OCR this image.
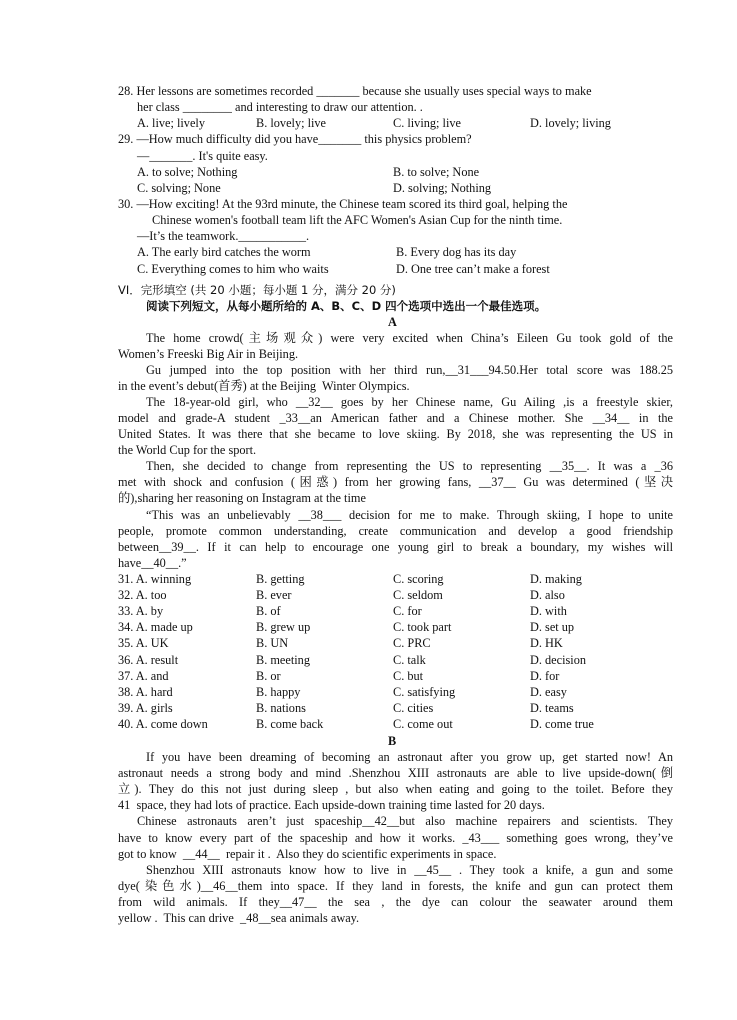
28. Her lessons are sometimes recorded _______ because she usually uses special ways to make
her class ________ and interesting to draw our attention. .
A. live; lively	B. lovely; live	C. living; live	D. lovely; living
29. —How much difficulty did you have_______ this physics problem?
—_______. It's quite easy.
A. to solve; Nothing	B. to solve; None
C. solving; None	D. solving; Nothing
30. —How exciting! At the 93rd minute, the Chinese team scored its third goal, helping the
Chinese women's football team lift the AFC Women's Asian Cup for the ninth time.
—It’s the teamwork.___________.
A. The early bird catches the worm	B. Every dog has its day
C. Everything comes to him who waits	D. One tree can’t make a forest
VI．完形填空 (共 20 小题；每小题 1 分，满分 20 分)
阅读下列短文，从每小题所给的 A、B、C、D 四个选项中选出一个最佳选项。
A
The home crowd(主场观众) were very excited when China’s Eileen Gu took gold of the
Women’s Freeski Big Air in Beijing.
Gu jumped into the top position with her third run,__31___94.50.Her total score was 188.25
in the event’s debut(首秀) at the Beijing  Winter Olympics.
The 18-year-old girl, who __32__ goes by her Chinese name, Gu Ailing ,is a freestyle skier,
model and grade-A student _33__an American father and a Chinese mother. She __34__ in the
United States. It was there that she became to love skiing. By 2018, she was representing the US in
the World Cup for the sport.
Then, she decided to change from representing the US to representing __35__. It was a _36
met with shock and confusion (困惑) from her growing fans, __37__ Gu was determined (坚决
的),sharing her reasoning on Instagram at the time
“This was an unbelievably __38___ decision for me to make. Through skiing, I hope to unite
people, promote common understanding, create communication and develop a good friendship
between__39__. If it can help to encourage one young girl to break a boundary, my wishes will
have__40__.”
31. A. winning	B. getting	C. scoring	D. making
32. A. too	B. ever	C. seldom	D. also
33. A. by	B. of	C. for	D. with
34. A. made up	B. grew up	C. took part	D. set up
35. A. UK	B. UN	C. PRC	D. HK
36. A. result	B. meeting	C. talk	D. decision
37. A. and	B. or	C. but	D. for
38. A. hard	B. happy	C. satisfying	D. easy
39. A. girls	B. nations	C. cities	D. teams
40. A. come down	B. come back	C. come out	D. come true
B
If you have been dreaming of becoming an astronaut after you grow up, get started now! An
astronaut needs a strong body and mind .Shenzhou XIII astronauts are able to live upside-down(倒
立). They do this not just during sleep , but also when eating and going to the toilet. Before they
41  space, they had lots of practice. Each upside-down training time lasted for 20 days.
Chinese astronauts aren’t just spaceship__42__but also machine repairers and scientists. They
have to know every part of the spaceship and how it works. _43___ something goes wrong, they’ve
got to know  __44__  repair it .  Also they do scientific experiments in space.
Shenzhou XIII astronauts know how to live in __45__ . They took a knife, a gun and some
dye(染色水)__46__them into space. If they land in forests, the knife and gun can protect them
from wild animals. If they__47__ the sea , the dye can colour the seawater around them
yellow .  This can drive  _48__sea animals away.
